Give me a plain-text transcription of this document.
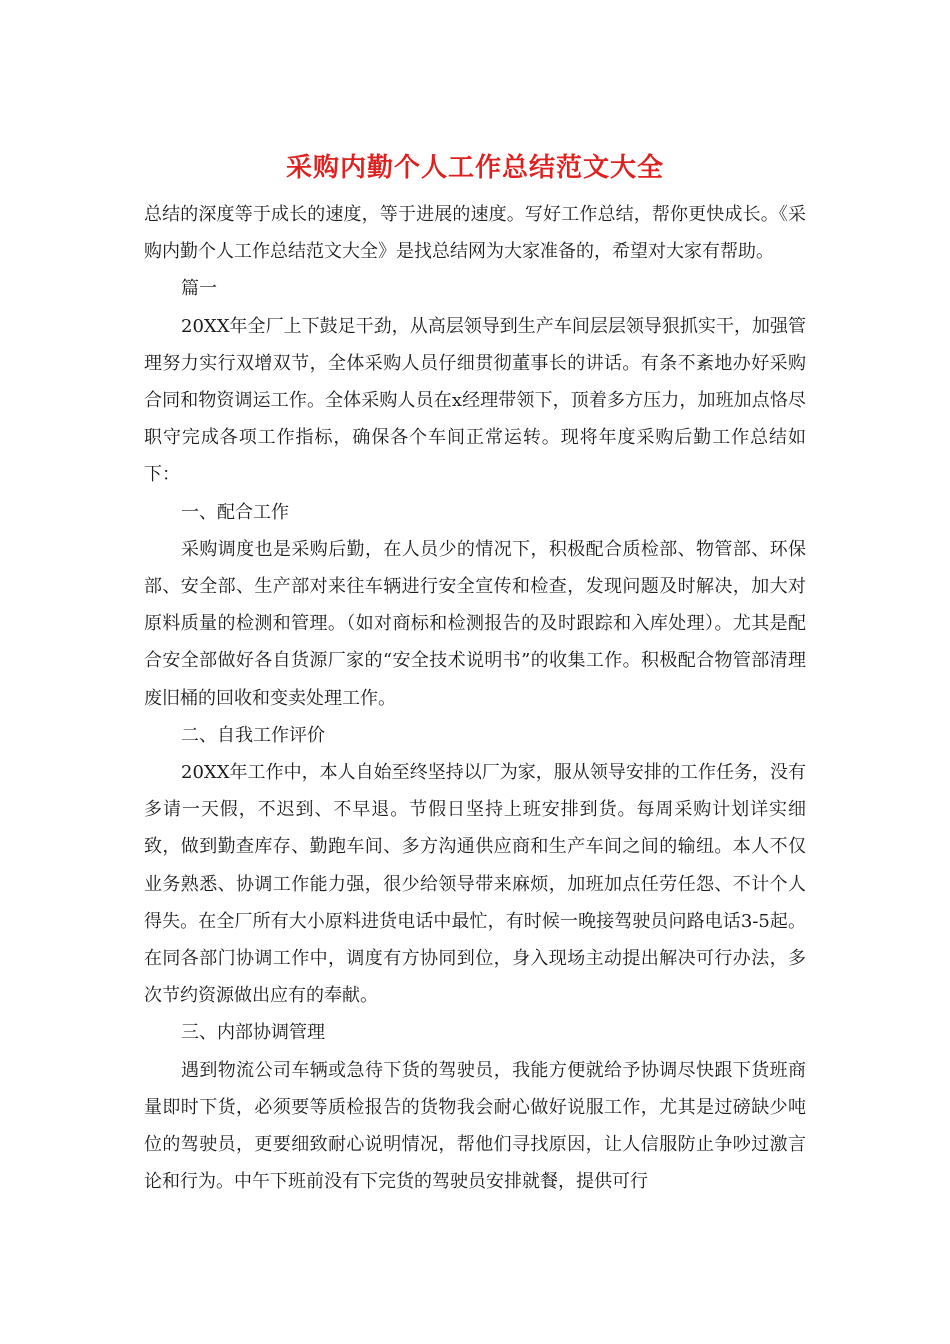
采购内勤个人工作总结范文大全

总结的深度等于成长的速度，等于进展的速度。写好工作总结，帮你更快成长。《采购内勤个人工作总结范文大全》是找总结网为大家准备的，希望对大家有帮助。

篇一

20XX年全厂上下鼓足干劲，从高层领导到生产车间层层领导狠抓实干，加强管理努力实行双增双节，全体采购人员仔细贯彻董事长的讲话。有条不紊地办好采购合同和物资调运工作。全体采购人员在x经理带领下，顶着多方压力，加班加点恪尽职守完成各项工作指标，确保各个车间正常运转。现将年度采购后勤工作总结如下：

一、配合工作

采购调度也是采购后勤，在人员少的情况下，积极配合质检部、物管部、环保部、安全部、生产部对来往车辆进行安全宣传和检查，发现问题及时解决，加大对原料质量的检测和管理。（如对商标和检测报告的及时跟踪和入库处理）。尤其是配合安全部做好各自货源厂家的“安全技术说明书”的收集工作。积极配合物管部清理废旧桶的回收和变卖处理工作。

二、自我工作评价

20XX年工作中，本人自始至终坚持以厂为家，服从领导安排的工作任务，没有多请一天假，不迟到、不早退。节假日坚持上班安排到货。每周采购计划详实细致，做到勤查库存、勤跑车间、多方沟通供应商和生产车间之间的输纽。本人不仅业务熟悉、协调工作能力强，很少给领导带来麻烦，加班加点任劳任怨、不计个人得失。在全厂所有大小原料进货电话中最忙，有时候一晚接驾驶员问路电话3-5起。在同各部门协调工作中，调度有方协同到位，身入现场主动提出解决可行办法，多次节约资源做出应有的奉献。

三、内部协调管理

遇到物流公司车辆或急待下货的驾驶员，我能方便就给予协调尽快跟下货班商量即时下货，必须要等质检报告的货物我会耐心做好说服工作，尤其是过磅缺少吨位的驾驶员，更要细致耐心说明情况，帮他们寻找原因，让人信服防止争吵过激言论和行为。中午下班前没有下完货的驾驶员安排就餐，提供可行
